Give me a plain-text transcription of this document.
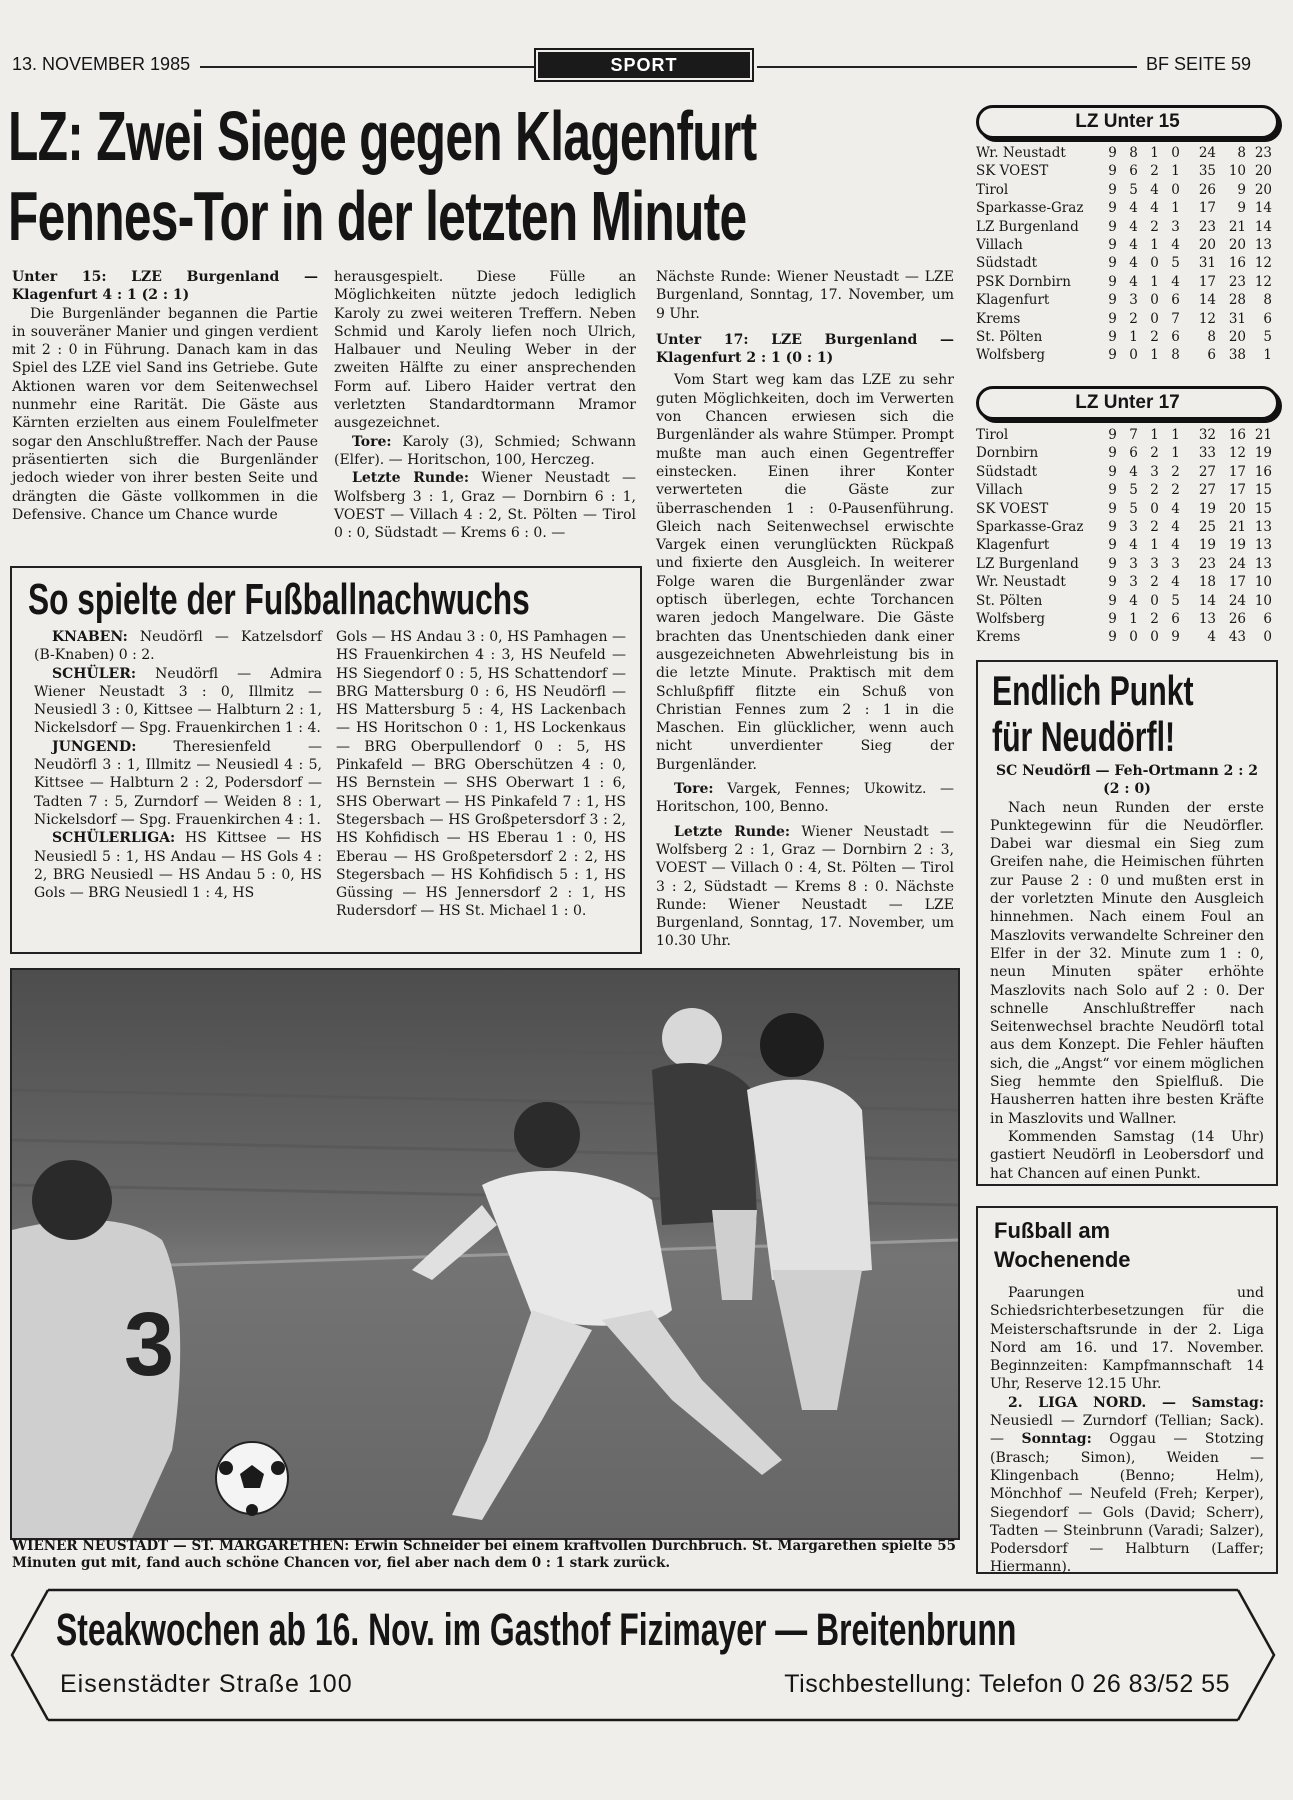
13. NOVEMBER 1985	SPORT	BF SEITE 59
LZ: Zwei Siege gegen Klagenfurt
Fennes-Tor in der letzten Minute

Unter 15: LZE Burgenland — Klagenfurt 4 : 1 (2 : 1)

Die Burgenländer begannen die Partie in souveräner Manier und gingen verdient mit 2 : 0 in Führung. Danach kam in das Spiel des LZE viel Sand ins Getriebe. Gute Aktionen waren vor dem Seitenwechsel nunmehr eine Rarität. Die Gäste aus Kärnten erzielten aus einem Foulelfmeter sogar den Anschlußtreffer. Nach der Pause präsentierten sich die Burgenländer jedoch wieder von ihrer besten Seite und drängten die Gäste vollkommen in die Defensive. Chance um Chance wurde

herausgespielt. Diese Fülle an Möglichkeiten nützte jedoch lediglich Karoly zu zwei weiteren Treffern. Neben Schmid und Karoly liefen noch Ulrich, Halbauer und Neuling Weber in der zweiten Hälfte zu einer ansprechenden Form auf. Libero Haider vertrat den verletzten Standardtormann Mramor ausgezeichnet.

Tore: Karoly (3), Schmied; Schwann (Elfer). — Horitschon, 100, Herczeg.

Letzte Runde: Wiener Neustadt — Wolfsberg 3 : 1, Graz — Dornbirn 6 : 1, VOEST — Villach 4 : 2, St. Pölten — Tirol 0 : 0, Südstadt — Krems 6 : 0. —

Nächste Runde: Wiener Neustadt — LZE Burgenland, Sonntag, 17. November, um 9 Uhr.

Unter 17: LZE Burgenland — Klagenfurt 2 : 1 (0 : 1)

Vom Start weg kam das LZE zu sehr guten Möglichkeiten, doch im Verwerten von Chancen erwiesen sich die Burgenländer als wahre Stümper. Prompt mußte man auch einen Gegentreffer einstecken. Einen ihrer Konter verwerteten die Gäste zur überraschenden 1 : 0-Pausenführung. Gleich nach Seitenwechsel erwischte Vargek einen verunglückten Rückpaß und fixierte den Ausgleich. In weiterer Folge waren die Burgenländer zwar optisch überlegen, echte Torchancen waren jedoch Mangelware. Die Gäste brachten das Unentschieden dank einer ausgezeichneten Abwehrleistung bis in die letzte Minute. Praktisch mit dem Schlußpfiff flitzte ein Schuß von Christian Fennes zum 2 : 1 in die Maschen. Ein glücklicher, wenn auch nicht unverdienter Sieg der Burgenländer.

Tore: Vargek, Fennes; Ukowitz. — Horitschon, 100, Benno.

Letzte Runde: Wiener Neustadt — Wolfsberg 2 : 1, Graz — Dornbirn 2 : 3, VOEST — Villach 0 : 4, St. Pölten — Tirol 3 : 2, Südstadt — Krems 8 : 0. Nächste Runde: Wiener Neustadt — LZE Burgenland, Sonntag, 17. November, um 10.30 Uhr.

So spielte der Fußballnachwuchs

KNABEN: Neudörfl — Katzelsdorf (B-Knaben) 0 : 2.

SCHÜLER: Neudörfl — Admira Wiener Neustadt 3 : 0, Illmitz — Neusiedl 3 : 0, Kittsee — Halbturn 2 : 1, Nickelsdorf — Spg. Frauenkirchen 1 : 4.

JUNGEND:	Theresienfeld — Neudörfl 3 : 1, Illmitz — Neusiedl 4 : 5, Kittsee — Halbturn 2 : 2, Podersdorf — Tadten 7 : 5, Zurndorf — Weiden 8 : 1, Nickelsdorf — Spg. Frauenkirchen 4 : 1.

SCHÜLERLIGA: HS Kittsee — HS Neusiedl 5 : 1, HS Andau — HS Gols 4 : 2, BRG Neusiedl — HS Andau 5 : 0, HS Gols — BRG Neusiedl 1 : 4, HS

Gols — HS Andau 3 : 0, HS Pamhagen — HS Frauenkirchen 4 : 3, HS Neufeld — HS Siegendorf 0 : 5, HS Schattendorf — BRG Mattersburg 0 : 6, HS Neudörfl — HS Mattersburg 5 : 4, HS Lackenbach — HS Horitschon 0 : 1, HS Lockenkaus — BRG Oberpullendorf 0 : 5, HS Pinkafeld — BRG Oberschützen 4 : 0, HS Bernstein — SHS Oberwart 1 : 6, SHS Oberwart — HS Pinkafeld 7 : 1, HS Stegersbach — HS Großpetersdorf 3 : 2, HS Kohfidisch — HS Eberau 1 : 0, HS Eberau — HS Großpetersdorf 2 : 2, HS Stegersbach — HS Kohfidisch 5 : 1, HS Güssing — HS Jennersdorf 2 : 1, HS Rudersdorf — HS St. Michael 1 : 0.
3
WIENER NEUSTADT — ST. MARGARETHEN: Erwin Schneider bei einem kraftvollen Durchbruch. St. Margarethen spielte 55 Minuten gut mit, fand auch schöne Chancen vor, fiel aber nach dem 0 : 1 stark zurück.
LZ Unter 15
Wr. Neustadt	9 8 1 0	24	8 23
SK VOEST	9 6 2 1	35 10 20
Tirol	9 5 4 0	26	9 20
Sparkasse-Graz	9 4 4 1	17	9 14
LZ Burgenland	9 4 2 3	23 21 14
Villach	9 4 1 4	20 20 13
Südstadt	9 4 0 5	31 16 12
PSK Dornbirn	9 4 1 4	17 23 12
Klagenfurt	9 3 0 6	14 28	8
Krems	9 2 0 7	12 31	6
St. Pölten	9 1 2 6	8 20	5
Wolfsberg	9 0 1 8	6 38	1
LZ Unter 17
Tirol	9 7 1 1	32 16 21
Dornbirn	9 6 2 1	33 12 19
Südstadt	9 4 3 2	27 17 16
Villach	9 5 2 2	27 17 15
SK VOEST	9 5 0 4	19 20 15
Sparkasse-Graz	9 3 2 4	25 21 13
Klagenfurt	9 4 1 4	19 19 13
LZ Burgenland	9 3 3 3	23 24 13
Wr. Neustadt	9 3 2 4	18 17 10
St. Pölten	9 4 0 5	14 24 10
Wolfsberg	9 1 2 6	13 26	6
Krems	9 0 0 9	4 43	0
Endlich Punkt
für Neudörfl!

SC Neudörfl — Feh-Ortmann 2 : 2

(2 : 0)

Nach neun Runden der erste Punktegewinn für die Neudörfler. Dabei war diesmal ein Sieg zum Greifen nahe, die Heimischen führten zur Pause 2 : 0 und mußten erst in der vorletzten Minute den Ausgleich hinnehmen. Nach einem Foul an Maszlovits verwandelte Schreiner den Elfer in der 32. Minute zum 1 : 0, neun Minuten später erhöhte Maszlovits nach Solo auf 2 : 0. Der schnelle Anschlußtreffer nach Seitenwechsel brachte Neudörfl total aus dem Konzept. Die Fehler häuften sich, die „Angst“ vor einem möglichen Sieg hemmte den Spielfluß. Die Hausherren hatten ihre besten Kräfte in Maszlovits und Wallner.

Kommenden Samstag (14 Uhr) gastiert Neudörfl in Leobersdorf und hat Chancen auf einen Punkt.

Fußball am
Wochenende

Paarungen und Schiedsrichterbesetzungen für die Meisterschaftsrunde in der 2. Liga Nord am 16. und 17. November. Beginnzeiten: Kampfmannschaft 14 Uhr, Reserve 12.15 Uhr.

2. LIGA NORD. — Samstag: Neusiedl — Zurndorf (Tellian; Sack). — Sonntag: Oggau — Stotzing (Brasch; Simon), Weiden — Klingenbach (Benno; Helm), Mönchhof — Neufeld (Freh; Kerper), Siegendorf — Gols (David; Scherr), Tadten — Steinbrunn (Varadi; Salzer), Podersdorf — Halbturn (Laffer; Hiermann).

Steakwochen ab 16. Nov. im Gasthof Fizimayer — Breitenbrunn
Eisenstädter Straße 100	Tischbestellung: Telefon 0 26 83/52 55
